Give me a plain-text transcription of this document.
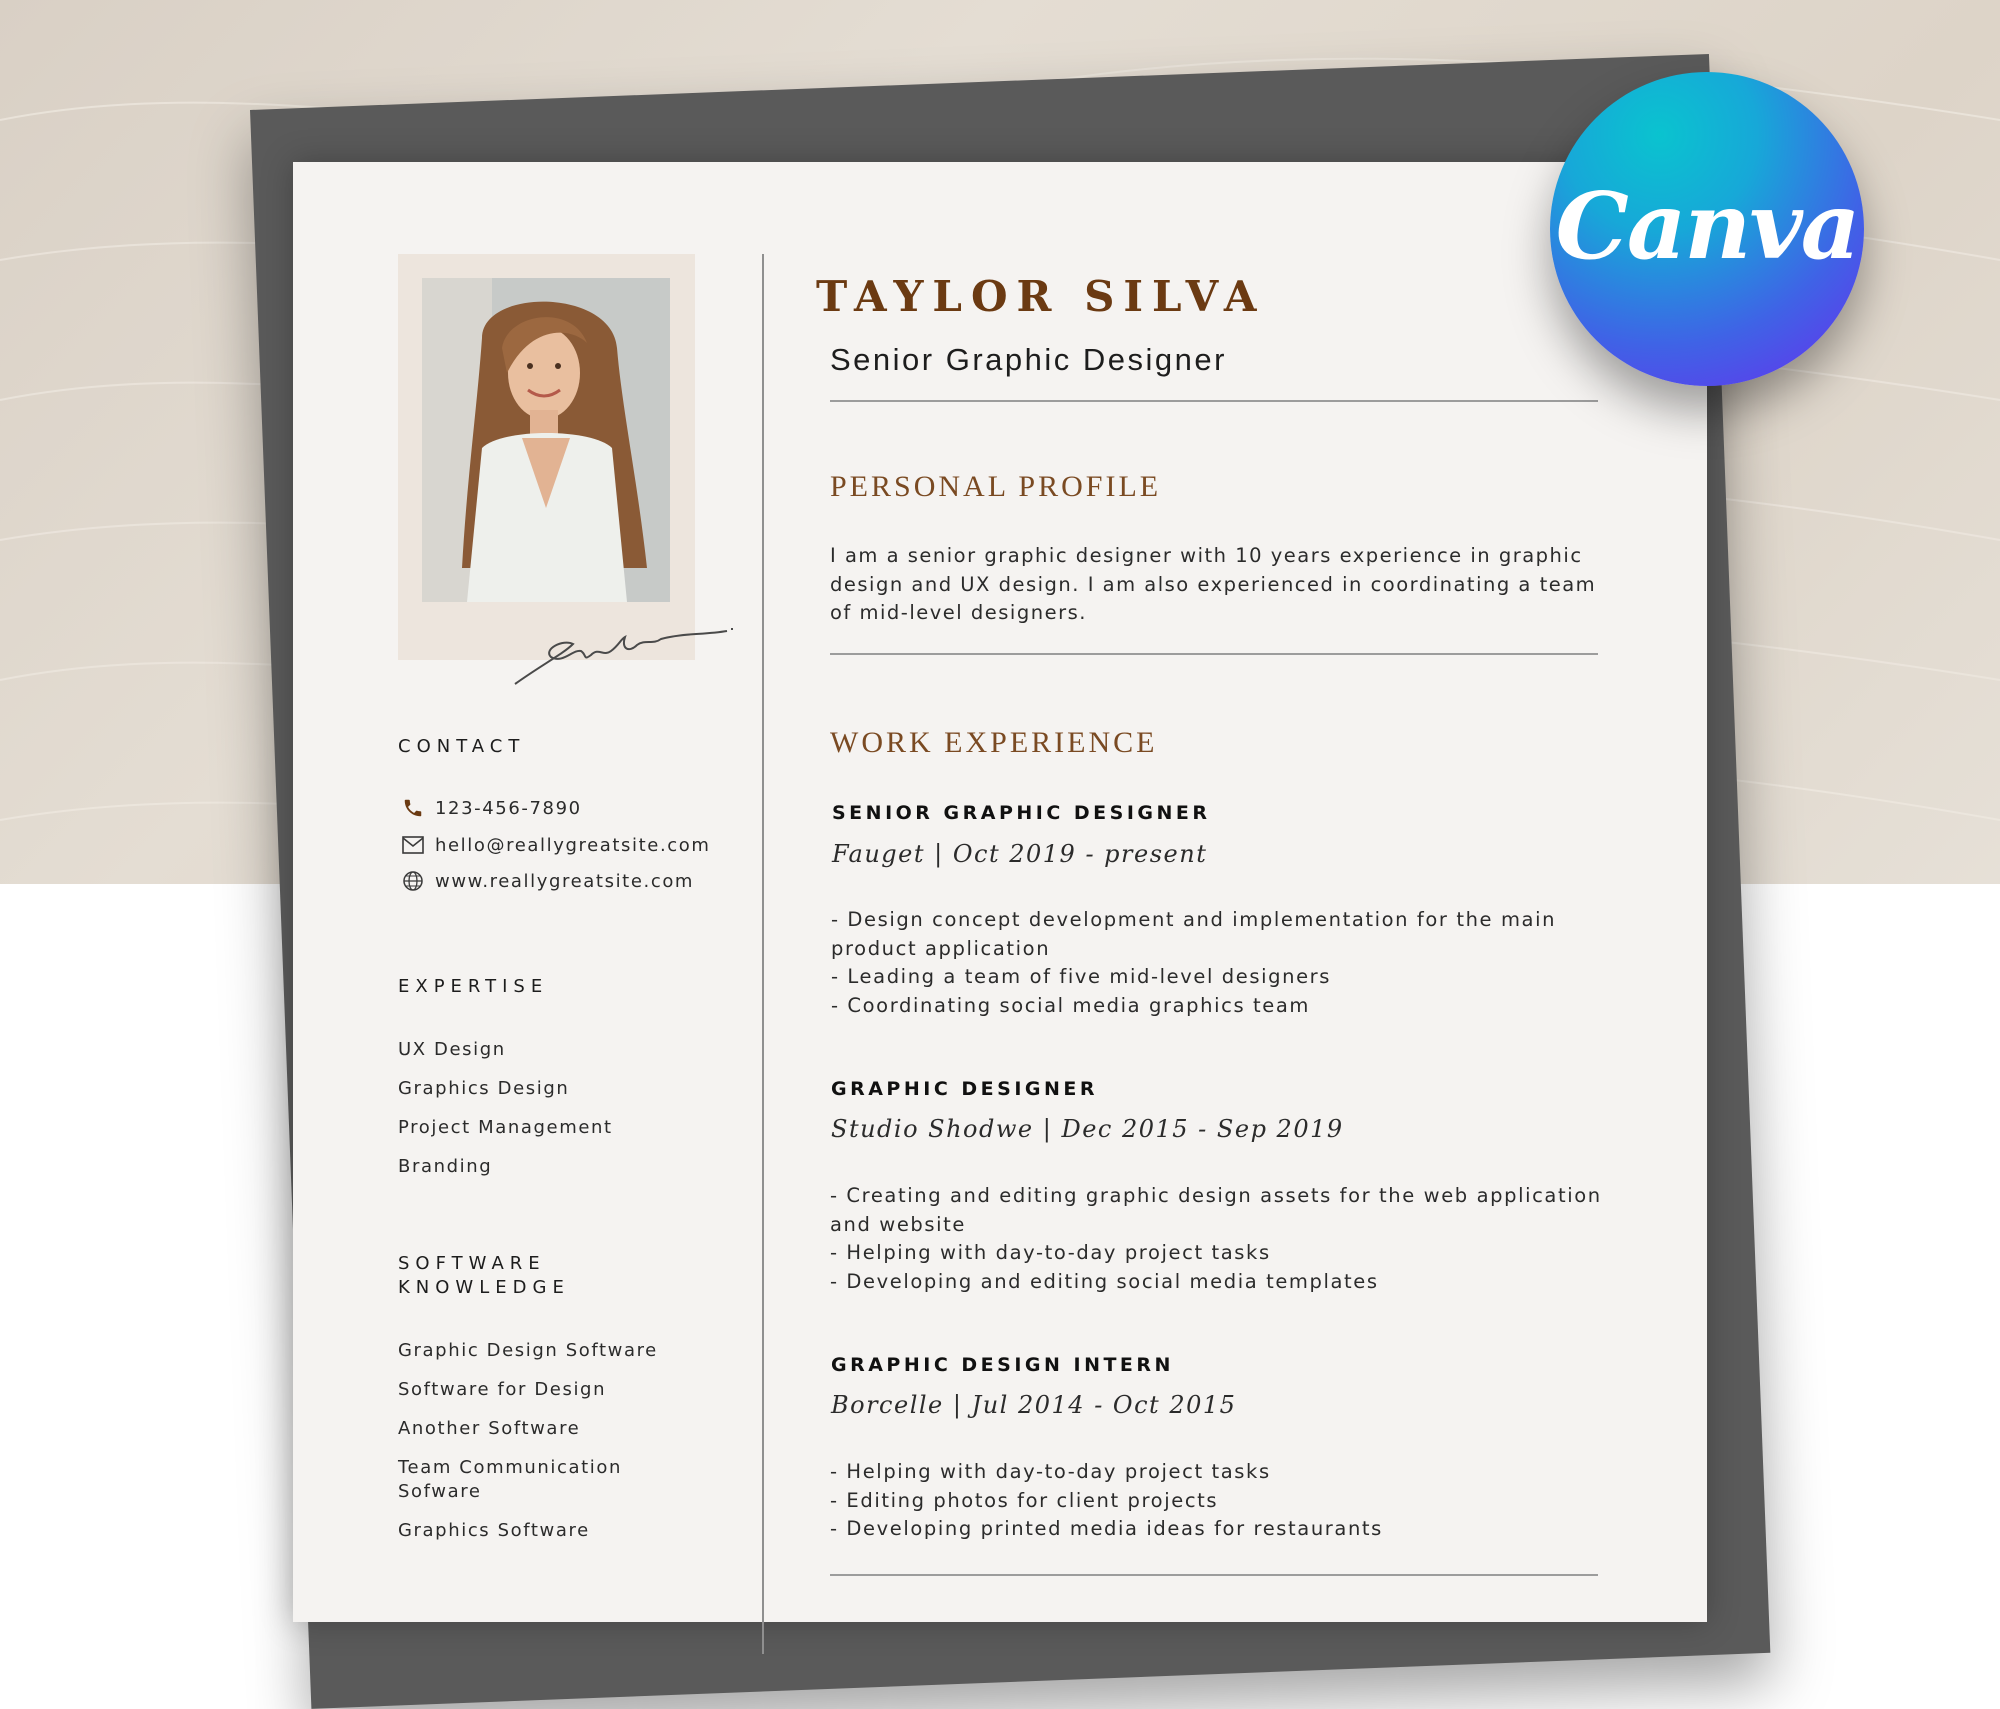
CONTACT
123-456-7890
hello@reallygreatsite.com
www.reallygreatsite.com
EXPERTISE
UX Design
Graphics Design
Project Management
Branding
SOFTWARE
KNOWLEDGE
Graphic Design Software
Software for Design
Another Software
Team Communication Sofware
Graphics Software
TAYLOR SILVA
Senior Graphic Designer
PERSONAL PROFILE
I am a senior graphic designer with 10 years experience in graphic design and UX design. I am also experienced in coordinating a team of mid-level designers.
WORK EXPERIENCE
SENIOR GRAPHIC DESIGNER
Fauget | Oct 2019 - present
- Design concept development and implementation for the main product application
- Leading a team of five mid-level designers
- Coordinating social media graphics team
GRAPHIC DESIGNER
Studio Shodwe | Dec 2015 - Sep 2019
- Creating and editing graphic design assets for the web application and website
- Helping with day-to-day project tasks
- Developing and editing social media templates
GRAPHIC DESIGN INTERN
Borcelle | Jul 2014 - Oct 2015
- Helping with day-to-day project tasks
- Editing photos for client projects
- Developing printed media ideas for restaurants
Canva
